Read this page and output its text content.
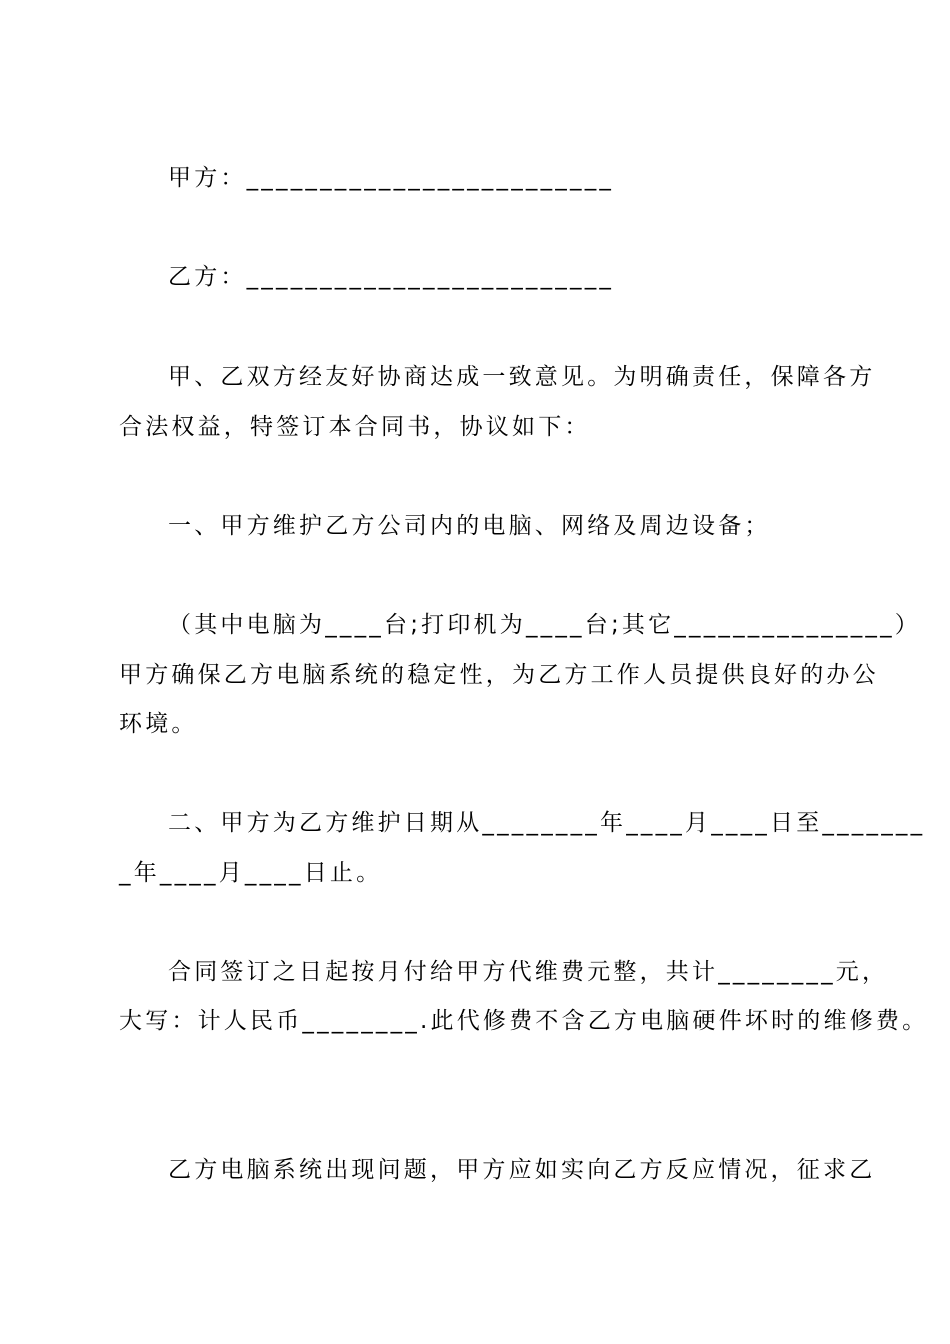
甲方：_________________________
乙方：_________________________
甲、乙双方经友好协商达成一致意见。为明确责任，保障各方
合法权益，特签订本合同书，协议如下：
一、甲方维护乙方公司内的电脑、网络及周边设备；
（其中电脑为____台;打印机为____台;其它_______________）
甲方确保乙方电脑系统的稳定性，为乙方工作人员提供良好的办公
环境。
二、甲方为乙方维护日期从________年____月____日至_______
_年____月____日止。
合同签订之日起按月付给甲方代维费元整，共计________元，
大写：计人民币________.此代修费不含乙方电脑硬件坏时的维修费。
乙方电脑系统出现问题，甲方应如实向乙方反应情况，征求乙
